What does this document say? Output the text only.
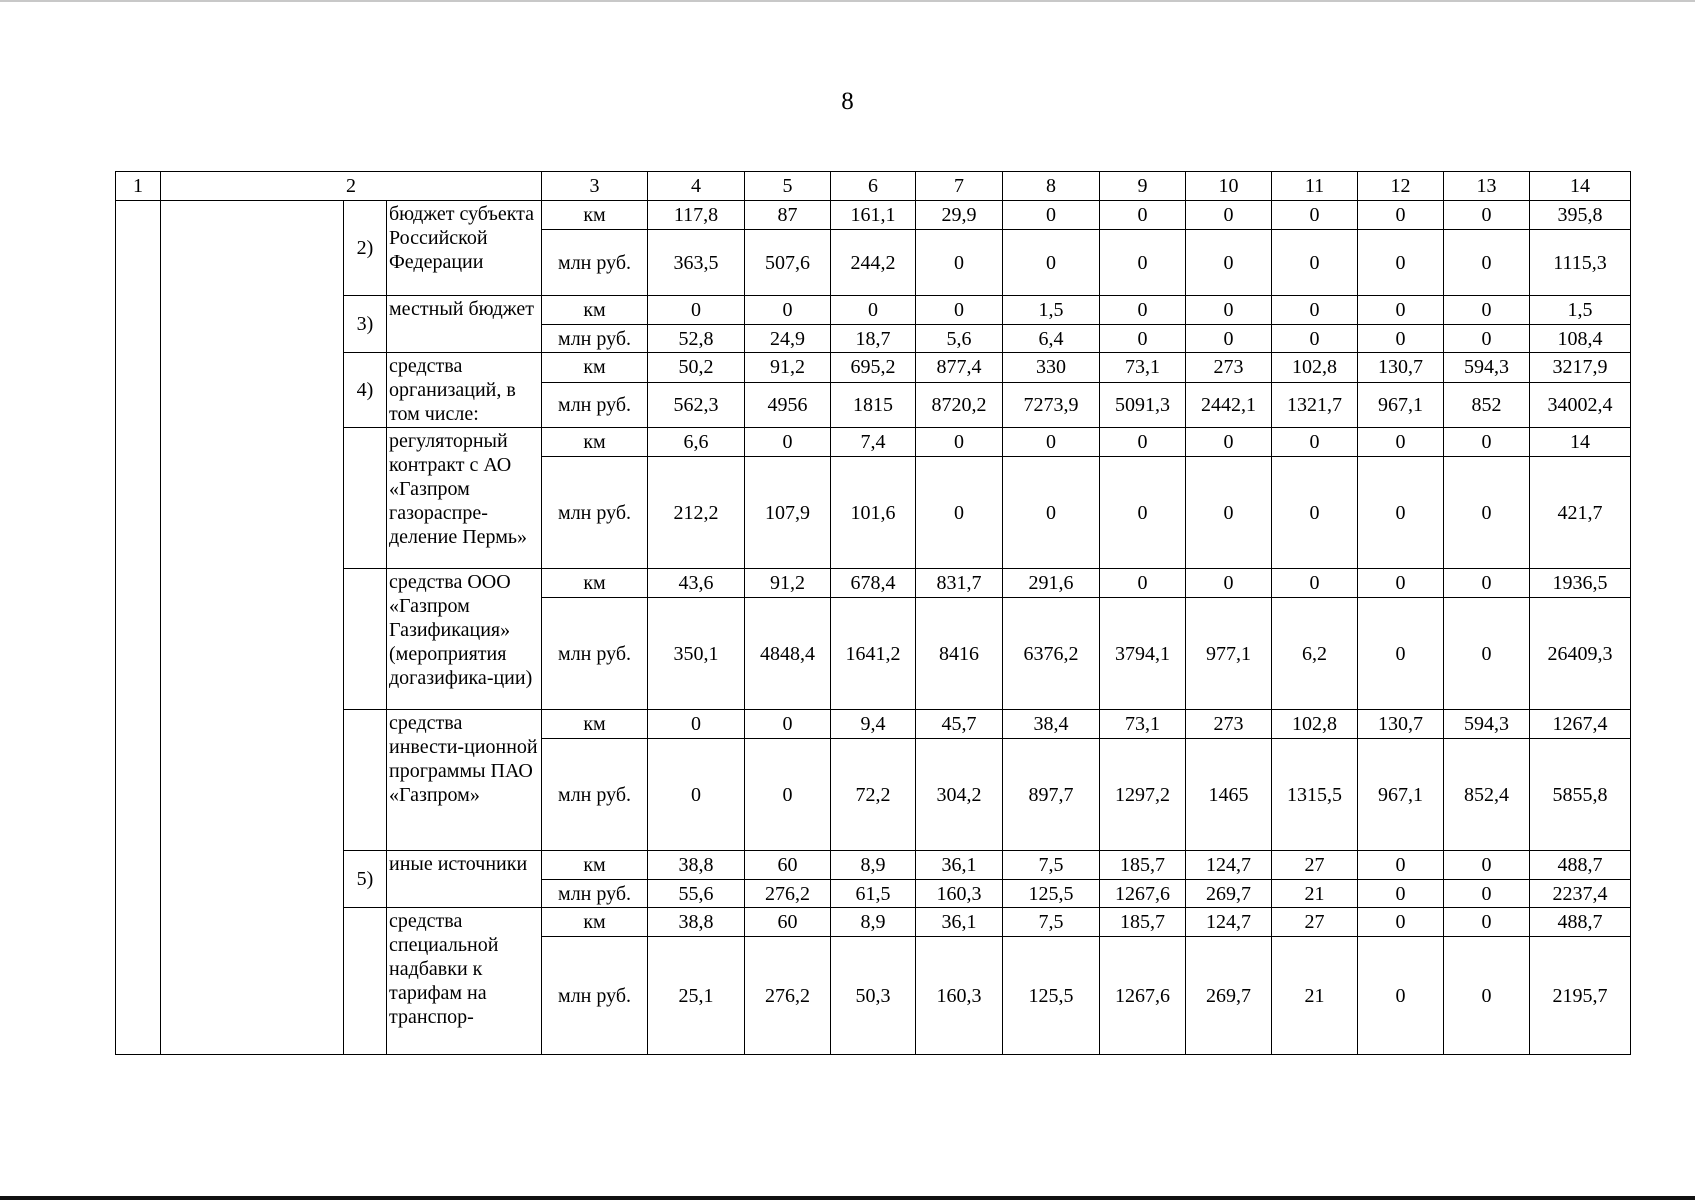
8
1	2			3	4	5	6	7	8	9	10	11	12	13	14
		2)	бюджет субъекта Российской Федерации	км	117,8	87	161,1	29,9	0	0	0	0	0	0	395,8
				млн руб.	363,5	507,6	244,2	0	0	0	0	0	0	0	1115,3
		3)	местный бюджет	км	0	0	0	0	1,5	0	0	0	0	0	1,5
				млн руб.	52,8	24,9	18,7	5,6	6,4	0	0	0	0	0	108,4
		4)	средства организаций, в том числе:	км	50,2	91,2	695,2	877,4	330	73,1	273	102,8	130,7	594,3	3217,9
				млн руб.	562,3	4956	1815	8720,2	7273,9	5091,3	2442,1	1321,7	967,1	852	34002,4
			регуляторный контракт с АО «Газпром газораспре-деление Пермь»	км	6,6	0	7,4	0	0	0	0	0	0	0	14
				млн руб.	212,2	107,9	101,6	0	0	0	0	0	0	0	421,7
			средства ООО «Газпром Газификация» (мероприятия догазифика-ции)	км	43,6	91,2	678,4	831,7	291,6	0	0	0	0	0	1936,5
				млн руб.	350,1	4848,4	1641,2	8416	6376,2	3794,1	977,1	6,2	0	0	26409,3
			средства инвести-ционной программы ПАО «Газпром»	км	0	0	9,4	45,7	38,4	73,1	273	102,8	130,7	594,3	1267,4
				млн руб.	0	0	72,2	304,2	897,7	1297,2	1465	1315,5	967,1	852,4	5855,8
		5)	иные источники	км	38,8	60	8,9	36,1	7,5	185,7	124,7	27	0	0	488,7
				млн руб.	55,6	276,2	61,5	160,3	125,5	1267,6	269,7	21	0	0	2237,4
			средства специальной надбавки к тарифам на транспор-	км	38,8	60	8,9	36,1	7,5	185,7	124,7	27	0	0	488,7
				млн руб.	25,1	276,2	50,3	160,3	125,5	1267,6	269,7	21	0	0	2195,7
